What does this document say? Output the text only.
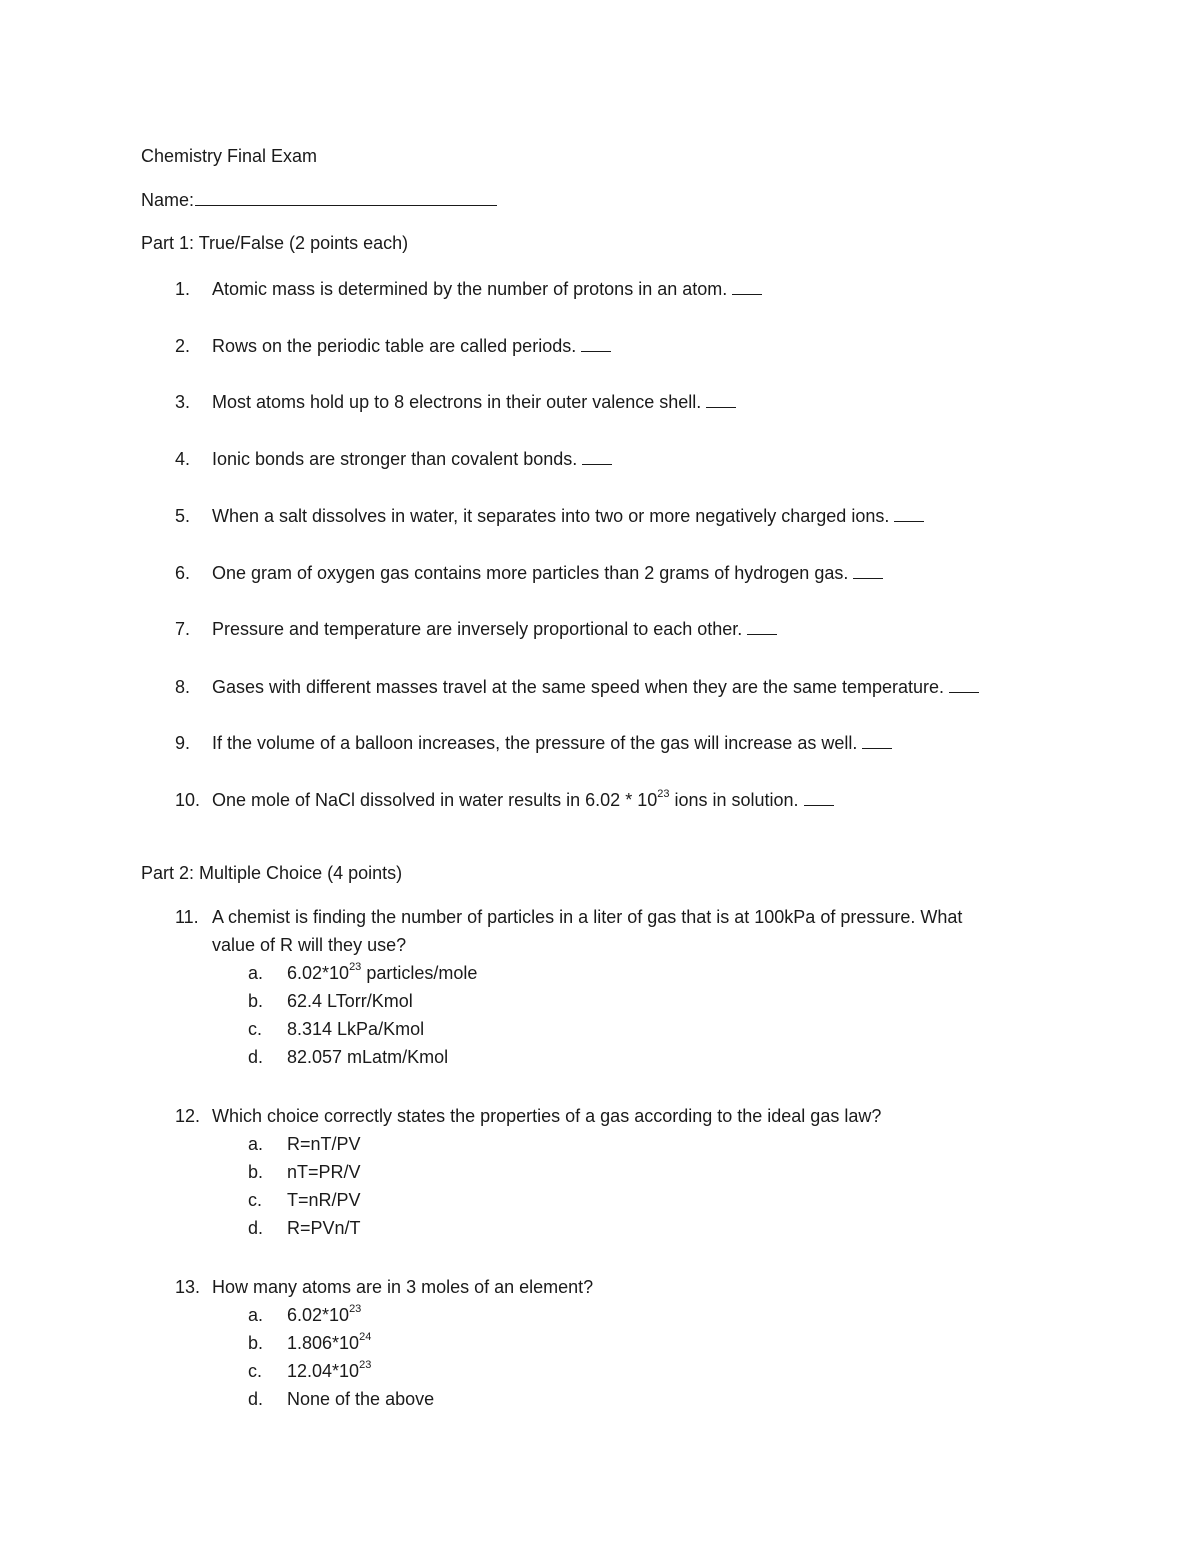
Chemistry Final Exam
Name:
Part 1: True/False (2 points each)
1.	Atomic mass is determined by the number of protons in an atom.
2.	Rows on the periodic table are called periods.
3.	Most atoms hold up to 8 electrons in their outer valence shell.
4.	Ionic bonds are stronger than covalent bonds.
5.	When a salt dissolves in water, it separates into two or more negatively charged ions.
6.	One gram of oxygen gas contains more particles than 2 grams of hydrogen gas.
7.	Pressure and temperature are inversely proportional to each other.
8.	Gases with different masses travel at the same speed when they are the same temperature.
9.	If the volume of a balloon increases, the pressure of the gas will increase as well.
10. One mole of NaCl dissolved in water results in $6.02 * 10^{23}$ ions in solution.
Part 2: Multiple Choice (4 points)
11. A chemist is finding the number of particles in a liter of gas that is at 100kPa of pressure. What
value of R will they use?
a.	$6.02*10^{23}$ particles/mole
b.	62.4 LTorr/Kmol
c.	8.314 LkPa/Kmol
d.	82.057 mLatm/Kmol
12. Which choice correctly states the properties of a gas according to the ideal gas law?
a.	R=nT/PV
b.	nT=PR/V
c.	T=nR/PV
d.	R=PVn/T
13. How many atoms are in 3 moles of an element?
a.	$6.02*10^{23}$
b.	$1.806*10^{24}$
c.	$12.04*10^{23}$
d.	None of the above
